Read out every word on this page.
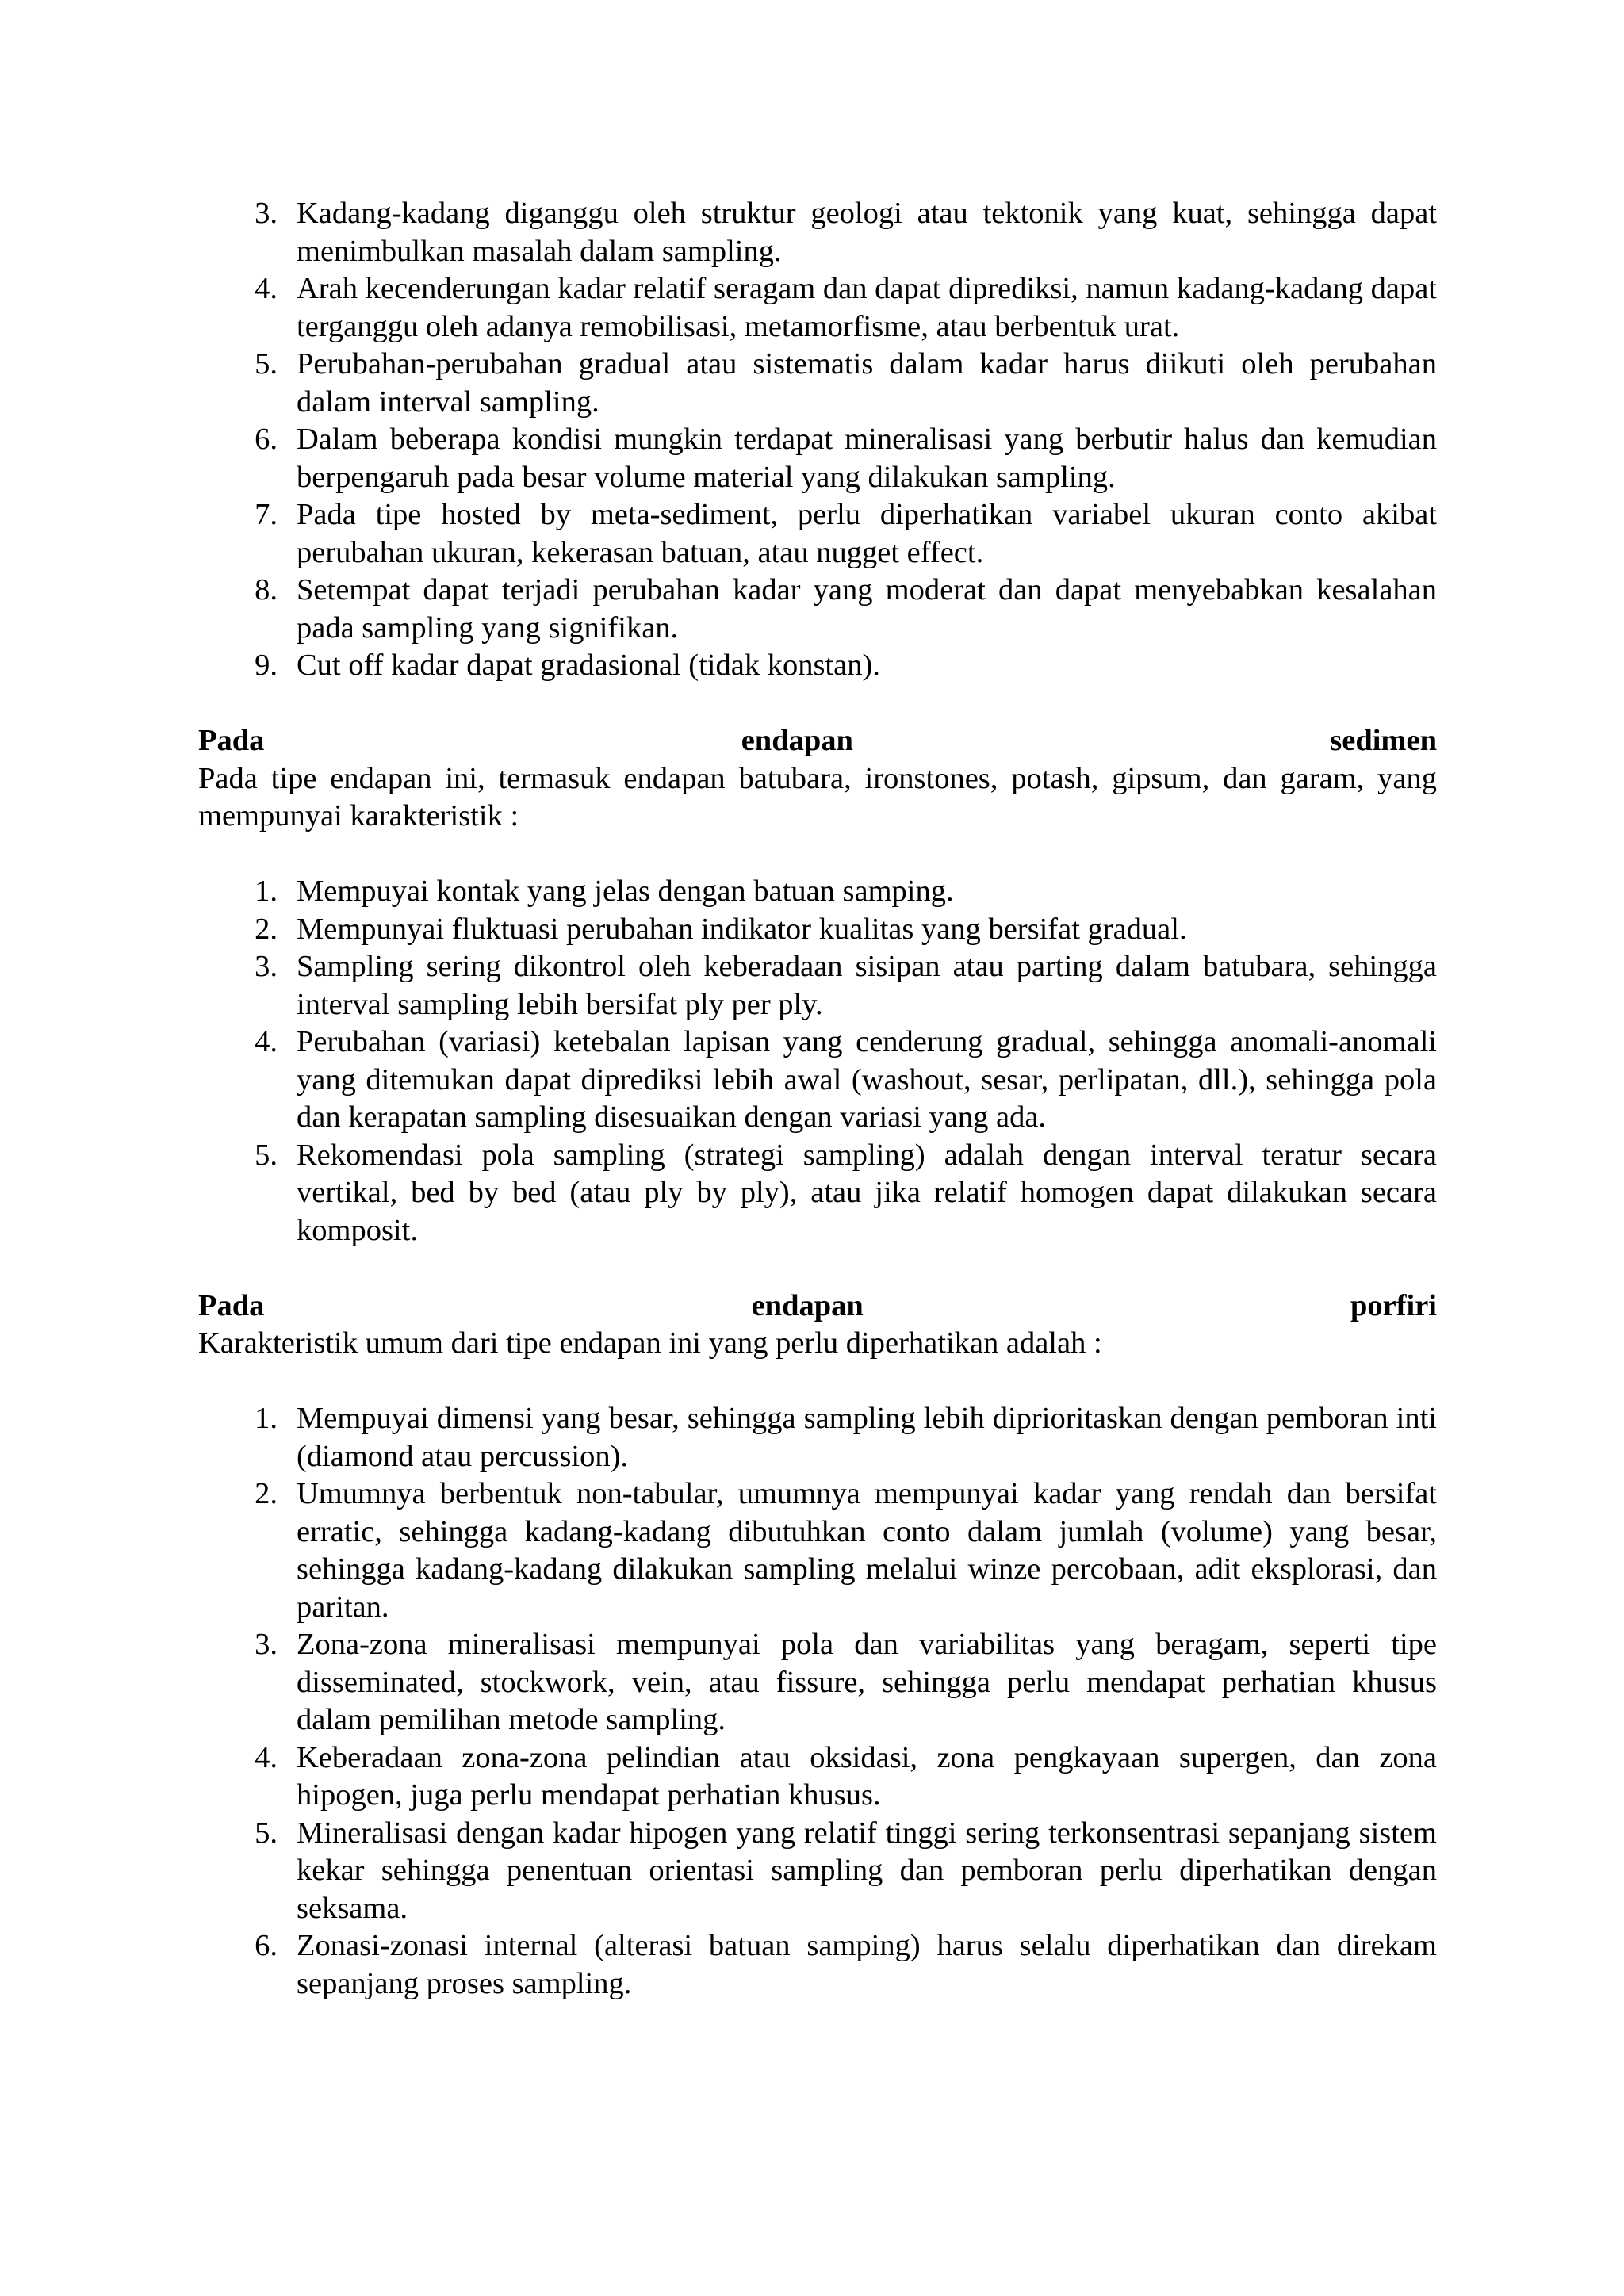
3. Kadang-kadang diganggu oleh struktur geologi atau tektonik yang kuat, sehingga dapat menimbulkan masalah dalam sampling.
4. Arah kecenderungan kadar relatif seragam dan dapat diprediksi, namun kadang-kadang dapat terganggu oleh adanya remobilisasi, metamorfisme, atau berbentuk urat.
5. Perubahan-perubahan gradual atau sistematis dalam kadar harus diikuti oleh perubahan dalam interval sampling.
6. Dalam beberapa kondisi mungkin terdapat mineralisasi yang berbutir halus dan kemudian berpengaruh pada besar volume material yang dilakukan sampling.
7. Pada tipe hosted by meta-sediment, perlu diperhatikan variabel ukuran conto akibat perubahan ukuran, kekerasan batuan, atau nugget effect.
8. Setempat dapat terjadi perubahan kadar yang moderat dan dapat menyebabkan kesalahan pada sampling yang signifikan.
9. Cut off kadar dapat gradasional (tidak konstan).

Pada	endapan	sedimen

Pada tipe endapan ini, termasuk endapan batubara, ironstones, potash, gipsum, dan garam, yang mempunyai karakteristik :

1. Mempuyai kontak yang jelas dengan batuan samping.
2. Mempunyai fluktuasi perubahan indikator kualitas yang bersifat gradual.
3. Sampling sering dikontrol oleh keberadaan sisipan atau parting dalam batubara, sehingga interval sampling lebih bersifat ply per ply.
4. Perubahan (variasi) ketebalan lapisan yang cenderung gradual, sehingga anomali-anomali yang ditemukan dapat diprediksi lebih awal (washout, sesar, perlipatan, dll.), sehingga pola dan kerapatan sampling disesuaikan dengan variasi yang ada.
5. Rekomendasi pola sampling (strategi sampling) adalah dengan interval teratur secara vertikal, bed by bed (atau ply by ply), atau jika relatif homogen dapat dilakukan secara komposit.

Pada	endapan	porfiri

Karakteristik umum dari tipe endapan ini yang perlu diperhatikan adalah :

1. Mempuyai dimensi yang besar, sehingga sampling lebih diprioritaskan dengan pemboran inti (diamond atau percussion).
2. Umumnya berbentuk non-tabular, umumnya mempunyai kadar yang rendah dan bersifat erratic, sehingga kadang-kadang dibutuhkan conto dalam jumlah (volume) yang besar, sehingga kadang-kadang dilakukan sampling melalui winze percobaan, adit eksplorasi, dan paritan.
3. Zona-zona mineralisasi mempunyai pola dan variabilitas yang beragam, seperti tipe disseminated, stockwork, vein, atau fissure, sehingga perlu mendapat perhatian khusus dalam pemilihan metode sampling.
4. Keberadaan zona-zona pelindian atau oksidasi, zona pengkayaan supergen, dan zona hipogen, juga perlu mendapat perhatian khusus.
5. Mineralisasi dengan kadar hipogen yang relatif tinggi sering terkonsentrasi sepanjang sistem kekar sehingga penentuan orientasi sampling dan pemboran perlu diperhatikan dengan seksama.
6. Zonasi-zonasi internal (alterasi batuan samping) harus selalu diperhatikan dan direkam sepanjang proses sampling.
